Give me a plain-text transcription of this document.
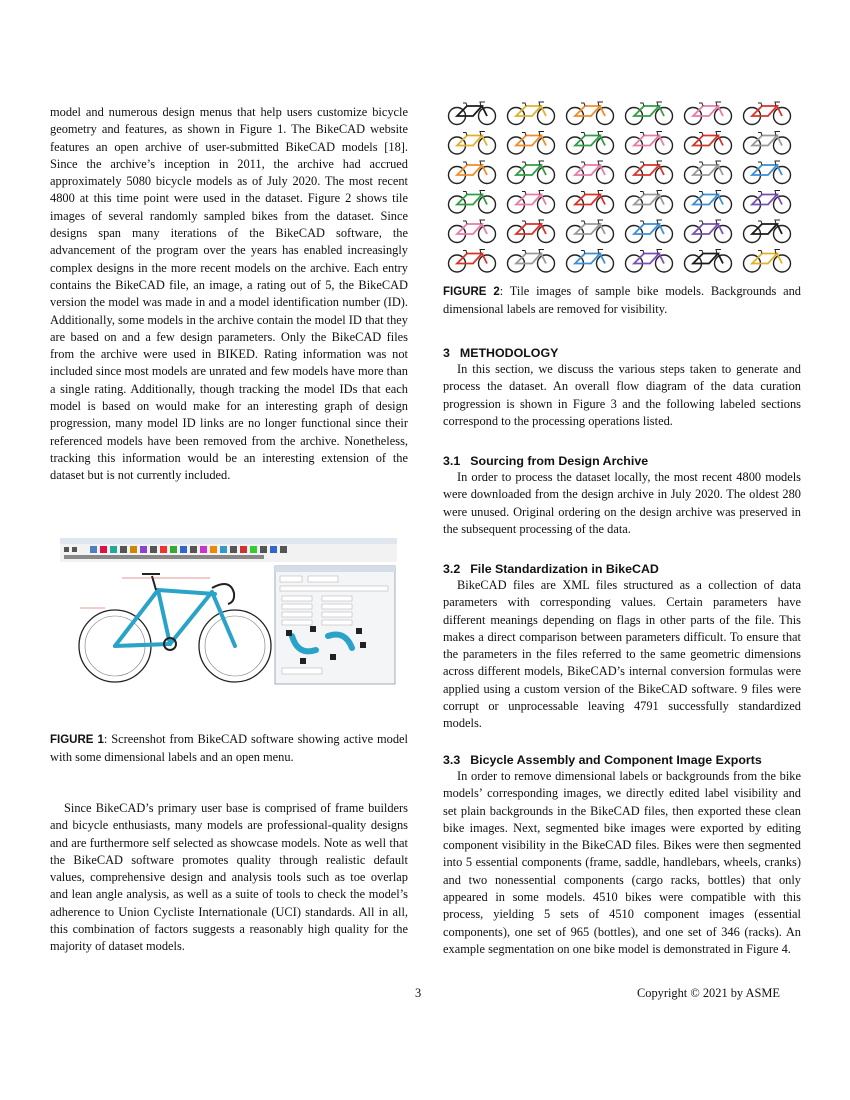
model and numerous design menus that help users customize bicycle geometry and features, as shown in Figure 1. The BikeCAD website features an open archive of user-submitted BikeCAD models [18]. Since the archive’s inception in 2011, the archive had accrued approximately 5080 bicycle models as of July 2020. The most recent 4800 at this time point were used in the dataset. Figure 2 shows tile images of several randomly sampled bikes from the dataset. Since designs span many iterations of the BikeCAD software, the advancement of the program over the years has enabled increasingly complex designs in the more recent models on the archive. Each entry contains the BikeCAD file, an image, a rating out of 5, the BikeCAD version the model was made in and a model identification number (ID). Additionally, some models in the archive contain the model ID that they are based on and a few design parameters. Only the BikeCAD files from the archive were used in BIKED. Rating information was not included since most models are unrated and few models have more than a single rating. Additionally, though tracking the model IDs that each model is based on would make for an interesting graph of design progression, many model ID links are no longer functional since their referenced models have been removed from the archive. Nonetheless, tracking this information would be an interesting extension of the dataset but is not currently included.

FIGURE 1: Screenshot from BikeCAD software showing active model with some dimensional labels and an open menu.

Since BikeCAD’s primary user base is comprised of frame builders and bicycle enthusiasts, many models are professional-quality designs and are furthermore self selected as showcase models. Note as well that the BikeCAD software promotes quality through realistic default values, comprehensive design and analysis tools such as toe overlap and lean angle analysis, as well as a suite of tools to check the model’s adherence to Union Cycliste Internationale (UCI) standards. All in all, this combination of factors suggests a reasonably high quality for the majority of dataset models.

FIGURE 2: Tile images of sample bike models. Backgrounds and dimensional labels are removed for visibility.

3 METHODOLOGY

In this section, we discuss the various steps taken to generate and process the dataset. An overall flow diagram of the data curation progression is shown in Figure 3 and the following labeled sections correspond to the processing operations listed.

3.1 Sourcing from Design Archive

In order to process the dataset locally, the most recent 4800 models were downloaded from the design archive in July 2020. The oldest 280 were unused. Original ordering on the design archive was preserved in the subsequent processing of the data.

3.2 File Standardization in BikeCAD

BikeCAD files are XML files structured as a collection of data parameters with corresponding values. Certain parameters have different meanings depending on flags in other parts of the file. This makes a direct comparison between parameters difficult. To ensure that the parameters in the files referred to the same geometric dimensions across different models, BikeCAD’s internal conversion formulas were applied using a custom version of the BikeCAD software. 9 files were corrupt or unprocessable leaving 4791 successfully standardized models.

3.3 Bicycle Assembly and Component Image Exports

In order to remove dimensional labels or backgrounds from the bike models’ corresponding images, we directly edited label visibility and set plain backgrounds in the BikeCAD files, then exported these clean bike images. Next, segmented bike images were exported by editing component visibility in the BikeCAD files. Bikes were then segmented into 5 essential components (frame, saddle, handlebars, wheels, cranks) and two nonessential components (cargo racks, bottles) that only appeared in some models. 4510 bikes were compatible with this process, yielding 5 sets of 4510 component images (essential components), one set of 965 (bottles), and one set of 346 (racks). An example segmentation on one bike model is demonstrated in Figure 4.

3	Copyright © 2021 by ASME
